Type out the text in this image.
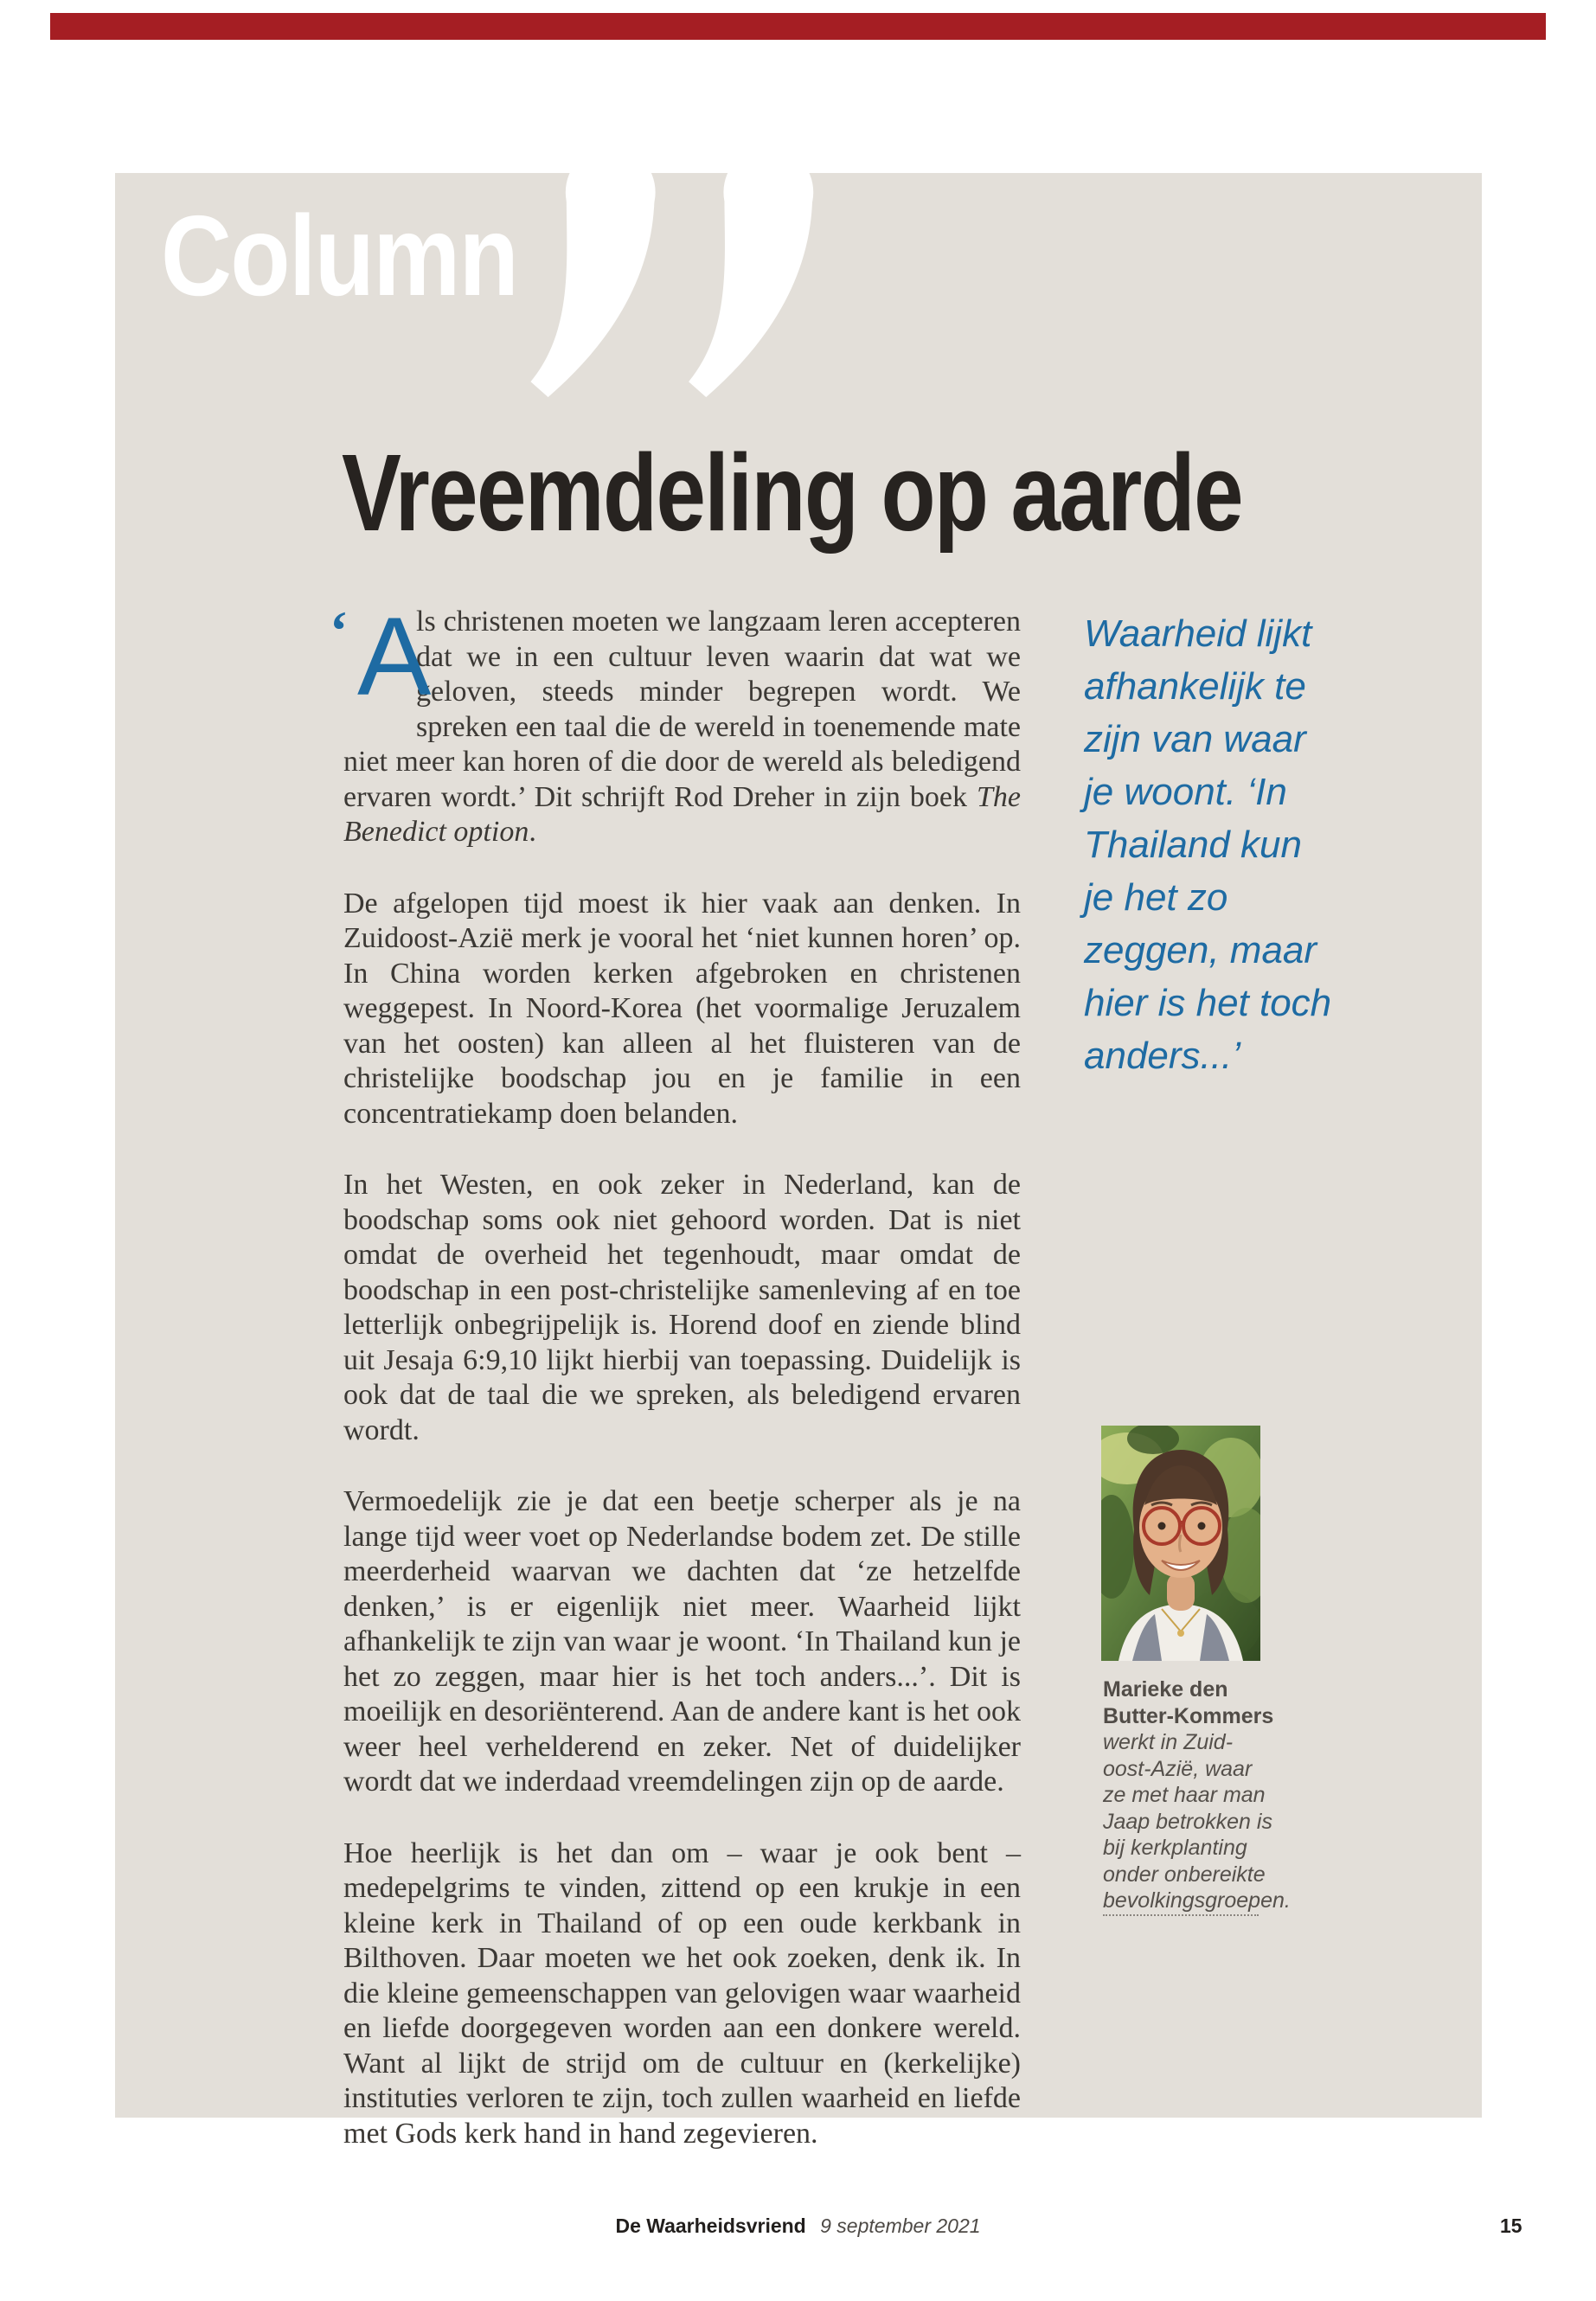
Column
Vreemdeling op aarde

‘ A
ls christenen moeten we langzaam leren accepteren dat we in een cultuur leven waarin dat wat we geloven, steeds minder begrepen wordt. We spreken een taal die de wereld in toenemende mate niet meer kan horen of die door de wereld als beledigend ervaren wordt.’ Dit schrijft Rod Dreher in zijn boek The Benedict option.

De afgelopen tijd moest ik hier vaak aan denken. In Zuidoost-Azië merk je vooral het ‘niet kunnen horen’ op. In China worden kerken afgebroken en christenen weggepest. In Noord-Korea (het voormalige Jeruzalem van het oosten) kan alleen al het fluisteren van de christelijke boodschap jou en je familie in een concentratiekamp doen belanden.

In het Westen, en ook zeker in Nederland, kan de boodschap soms ook niet gehoord worden. Dat is niet omdat de overheid het tegenhoudt, maar omdat de boodschap in een post-christelijke samenleving af en toe letterlijk onbegrijpelijk is. Horend doof en ziende blind uit Jesaja 6:9,10 lijkt hierbij van toepassing. Duidelijk is ook dat de taal die we spreken, als beledigend ervaren wordt.

Vermoedelijk zie je dat een beetje scherper als je na lange tijd weer voet op Nederlandse bodem zet. De stille meerderheid waarvan we dachten dat ‘ze hetzelfde denken,’ is er eigenlijk niet meer. Waarheid lijkt afhankelijk te zijn van waar je woont. ‘In Thailand kun je het zo zeggen, maar hier is het toch anders...’. Dit is moeilijk en desoriënterend. Aan de andere kant is het ook weer heel verhelderend en zeker. Net of duidelijker wordt dat we inderdaad vreemdelingen zijn op de aarde.

Hoe heerlijk is het dan om – waar je ook bent – medepelgrims te vinden, zittend op een krukje in een kleine kerk in Thailand of op een oude kerkbank in Bilthoven. Daar moeten we het ook zoeken, denk ik. In die kleine gemeenschappen van gelovigen waar waarheid en liefde doorgegeven worden aan een donkere wereld. Want al lijkt de strijd om de cultuur en (kerkelijke) instituties verloren te zijn, toch zullen waarheid en liefde met Gods kerk hand in hand zegevieren.

Waarheid lijkt afhankelijk te zijn van waar je woont. ‘In Thailand kun je het zo zeggen, maar hier is het toch anders...’

Marieke den Butter-Kommers

werkt in Zuidoost-Azië, waar ze met haar man Jaap betrokken is bij kerkplanting onder onbereikte bevolkingsgroepen.

De Waarheidsvriend 9 september 2021	15
